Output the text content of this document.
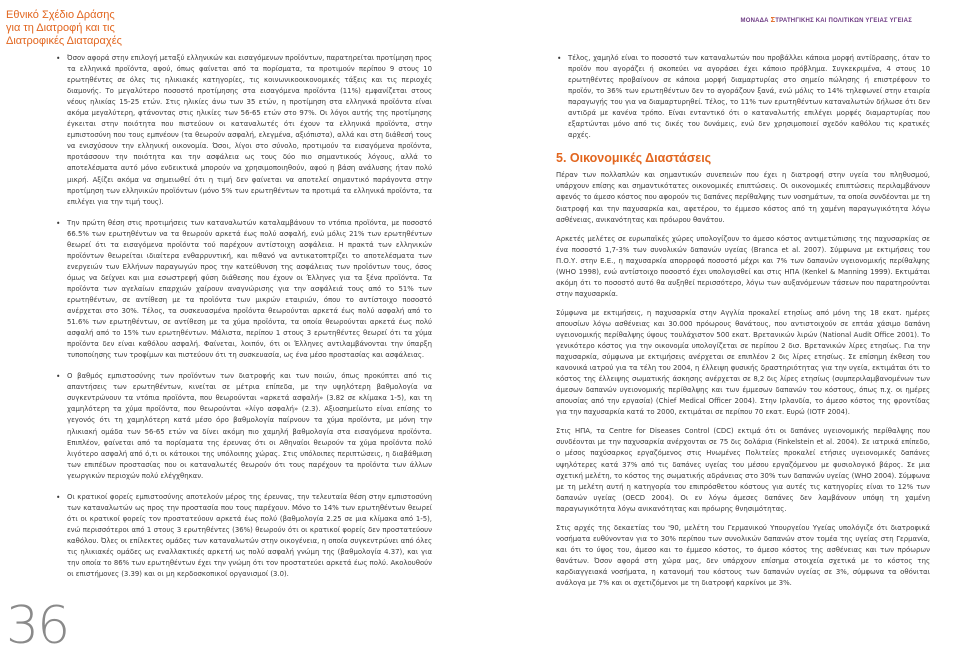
Εθνικό Σχέδιο Δράσης
για τη Διατροφή και τις
Διατροφικές Διαταραχές
ΜΟΝΑΔΑ ΣΤΡΑΤΗΓΙΚΗΣ ΚΑΙ ΠΟΛΙΤΙΚΩΝ ΥΓΕΙΑΣ ΥΓΕΙΑΣ
• Όσον αφορά στην επιλογή μεταξύ ελληνικών και εισαγόμενων προϊόντων, παρατηρείται προτίμηση προς τα ελληνικά προϊόντα, αφού, όπως φαίνεται από τα πορίσματα, τα προτιμούν περίπου 9 στους 10 ερωτηθέντες σε όλες τις ηλικιακές κατηγορίες, τις κοινωνικοοικονομικές τάξεις και τις περιοχές διαμονής. Το μεγαλύτερο ποσοστό προτίμησης στα εισαγόμενα προϊόντα (11%) εμφανίζεται στους νέους ηλικίας 15-25 ετών. Στις ηλικίες άνω των 35 ετών, η προτίμηση στα ελληνικά προϊόντα είναι ακόμα μεγαλύτερη, φτάνοντας στις ηλικίες των 56-65 ετών στο 97%. Οι λόγοι αυτής της προτίμησης έγκειται στην ποιότητα που πιστεύουν οι καταναλωτές ότι έχουν τα ελληνικά προϊόντα, στην εμπιστοσύνη που τους εμπνέουν (τα θεωρούν ασφαλή, ελεγμένα, αξιόπιστα), αλλά και στη διάθεσή τους να ενισχύσουν την ελληνική οικονομία. Όσοι, λίγοι στο σύνολο, προτιμούν τα εισαγόμενα προϊόντα, προτάσσουν την ποιότητα και την ασφάλεια ως τους δύο πιο σημαντικούς λόγους, αλλά το αποτελέσματα αυτό μόνο ενδεικτικά μπορούν να χρησιμοποιηθούν, αφού η βάση ανάλυσης ήταν πολύ μικρή. Αξίζει ακόμα να σημειωθεί ότι η τιμή δεν φαίνεται να αποτελεί σημαντικό παράγοντα στην προτίμηση των ελληνικών προϊόντων (μόνο 5% των ερωτηθέντων τα προτιμά τα ελληνικά προϊόντα, τα επιλέγει για την τιμή τους).
• Την πρώτη θέση στις προτιμήσεις των καταναλωτών καταλαμβάνουν το ντόπια προϊόντα, με ποσοστό 66.5% των ερωτηθέντων να τα θεωρούν αρκετά έως πολύ ασφαλή, ενώ μόλις 21% των ερωτηθέντων θεωρεί ότι τα εισαγόμενα προϊόντα τού παρέχουν αντίστοιχη ασφάλεια. Η πρακτά των ελληνικών προϊόντων θεωρείται ιδιαίτερα ενθαρρυντική, και πιθανό να αντικατοπτρίζει το αποτελέσματα των ενεργειών των Ελλήνων παραγωγών προς την κατεύθυνση της ασφάλειας των προϊόντων τους, όσος όμως να δείχνει και μια εσωστρεφή φύση διάθεσης που έχουν οι Έλληνες για τα ξένα προϊόντα. Τα προϊόντα των αγελαίων επαρχιών χαίρουν αναγνώρισης για την ασφάλειά τους από το 51% των ερωτηθέντων, σε αντίθεση με τα προϊόντα των μικρών εταιριών, όπου το αντίστοιχο ποσοστό ανέρχεται στο 30%. Τέλος, τα συσκευασμένα προϊόντα θεωρούνται αρκετά έως πολύ ασφαλή από το 51.6% των ερωτηθέντων, σε αντίθεση με τα χύμα προϊόντα, τα οποία θεωρούνται αρκετά έως πολύ ασφαλή από το 15% των ερωτηθέντων. Μάλιστα, περίπου 1 στους 3 ερωτηθέντες θεωρεί ότι τα χύμα προϊόντα δεν είναι καθόλου ασφαλή. Φαίνεται, λοιπόν, ότι οι Έλληνες αντιλαμβάνονται την ύπαρξη τυποποίησης των τροφίμων και πιστεύουν ότι τη συσκευασία, ως ένα μέσο προστασίας και ασφάλειας.
• Ο βαθμός εμπιστοσύνης των προϊόντων των διατροφής και των ποιών, όπως προκύπτει από τις απαντήσεις των ερωτηθέντων, κινείται σε μέτρια επίπεδα, με την υψηλότερη βαθμολογία να συγκεντρώνουν τα ντόπια προϊόντα, που θεωρούνται «αρκετά ασφαλή» (3.82 σε κλίμακα 1-5), και τη χαμηλότερη τα χύμα προϊόντα, που θεωρούνται «λίγο ασφαλή» (2.3). Αξιοσημείωτο είναι επίσης το γεγονός ότι τη χαμηλότερη κατά μέσο όρο βαθμολογία παίρνουν τα χύμα προϊόντα, με μόνη την ηλικιακή ομάδα των 56-65 ετών να δίνει ακόμη πιο χαμηλή βαθμολογία στα εισαγόμενα προϊόντα. Επιπλέον, φαίνεται από τα πορίσματα της έρευνας ότι οι Αθηναίοι θεωρούν τα χύμα προϊόντα πολύ λιγότερο ασφαλή από ό,τι οι κάτοικοι της υπόλοιπης χώρας. Στις υπόλοιπες περιπτώσεις, η διαβάθμιση των επιπέδων προστασίας που οι καταναλωτές θεωρούν ότι τους παρέχουν τα προϊόντα των άλλων γεωργικών περιοχών πολύ ελέγχθηκαν.
• Οι κρατικοί φορείς εμπιστοσύνης αποτελούν μέρος της έρευνας, την τελευταία θέση στην εμπιστοσύνη των καταναλωτών ως προς την προστασία που τους παρέχουν. Μόνο το 14% των ερωτηθέντων θεωρεί ότι οι κρατικοί φορείς τον προστατεύουν αρκετά έως πολύ (βαθμολογία 2.25 σε μια κλίμακα από 1-5), ενώ περισσότεροι από 1 στους 3 ερωτηθέντες (36%) θεωρούν ότι οι κρατικοί φορείς δεν προστατεύουν καθόλου. Όλες οι επίλεκτες ομάδες των καταναλωτών στην οικογένεια, η οποία συγκεντρώνει από όλες τις ηλικιακές ομάδες ως εναλλακτικές αρκετή ως πολύ ασφαλή γνώμη της (βαθμολογία 4.37), και για την οποία το 86% των ερωτηθέντων έχει την γνώμη ότι τον προστατεύει αρκετά έως πολύ. Ακολουθούν οι επιστήμονες (3.39) και οι μη κερδοσκοπικοί οργανισμοί (3.0).
• Τέλος, χαμηλό είναι το ποσοστό των καταναλωτών που προβάλλει κάποια μορφή αντίδρασης, όταν το προϊόν που αγοράζει ή σκοπεύει να αγοράσει έχει κάποιο πρόβλημα. Συγκεκριμένα, 4 στους 10 ερωτηθέντες προβαίνουν σε κάποια μορφή διαμαρτυρίας στο σημείο πώλησης ή επιστρέφουν το προϊόν, το 36% των ερωτηθέντων δεν το αγοράζουν ξανά, ενώ μόλις το 14% τηλεφωνεί στην εταιρία παραγωγής του για να διαμαρτυρηθεί. Τέλος, το 11% των ερωτηθέντων καταναλωτών δήλωσε ότι δεν αντιδρά με κανένα τρόπο. Είναι ενταντικό ότι ο καταναλωτής επιλέγει μορφές διαμαρτυρίας που εξαρτώνται μόνο από τις δικές του δυνάμεις, ενώ δεν χρησιμοποιεί σχεδόν καθόλου τις κρατικές αρχές.
5. Οικονομικές Διαστάσεις

Πέραν των πολλαπλών και σημαντικών συνεπειών που έχει η διατροφή στην υγεία του πληθυσμού, υπάρχουν επίσης και σημαντικότατες οικονομικές επιπτώσεις. Οι οικονομικές επιπτώσεις περιλαμβάνουν αφενός το άμεσο κόστος που αφορούν τις δαπάνες περίθαλψης των νοσημάτων, τα οποία συνδέονται με τη διατροφή και την παχυσαρκία και, αφετέρου, το έμμεσο κόστος από τη χαμένη παραγωγικότητα λόγω ασθένειας, ανικανότητας και πρόωρου θανάτου.

Αρκετές μελέτες σε ευρωπαϊκές χώρες υπολογίζουν το άμεσο κόστος αντιμετώπισης της παχυσαρκίας σε ένα ποσοστό 1,7-3% των συνολικών δαπανών υγείας (Branca et al. 2007). Σύμφωνα με εκτιμήσεις του Π.Ο.Υ. στην Ε.Ε., η παχυσαρκία απορροφά ποσοστό μέχρι και 7% των δαπανών υγειονομικής περίθαλψης (WHO 1998), ενώ αντίστοιχο ποσοστό έχει υπολογισθεί και στις ΗΠΑ (Kenkel & Manning 1999). Εκτιμάται ακόμη ότι το ποσοστό αυτό θα αυξηθεί περισσότερο, λόγω των αυξανόμενων τάσεων που παρατηρούνται στην παχυσαρκία.

Σύμφωνα με εκτιμήσεις, η παχυσαρκία στην Αγγλία προκαλεί ετησίως από μόνη της 18 εκατ. ημέρες απουσίων λόγω ασθένειας και 30.000 πρόωρους θανάτους, που αντιστοιχούν σε επτάα χάσιμο δαπάνη υγειονομικής περίθαλψης ύψους τουλάχιστον 500 εκατ. Βρετανικών λιρών (National Audit Office 2001). Το γενικότερο κόστος για την οικονομία υπολογίζεται σε περίπου 2 δισ. Βρετανικών λίρες ετησίως. Για την παχυσαρκία, σύμφωνα με εκτιμήσεις ανέρχεται σε επιπλέον 2 δις λίρες ετησίως. Σε επίσημη έκθεση του κανονικά ιατρού για τα τέλη του 2004, η έλλειψη φυσικής δραστηριότητας για την υγεία, εκτιμάται ότι το κόστος της έλλειψης σωματικής άσκησης ανέρχεται σε 8,2 δις λίρες ετησίως (συμπεριλαμβανομένων των άμεσων δαπανών υγειονομικής περίθαλψης και των έμμεσων δαπανών του κόστους, όπως π.χ. οι ημέρες απουσίας από την εργασία) (Chief Medical Officer 2004). Στην Ιρλανδία, το άμεσο κόστος της φροντίδας για την παχυσαρκία κατά το 2000, εκτιμάται σε περίπου 70 εκατ. Ευρώ (IOTF 2004).

Στις ΗΠΑ, τα Centre for Diseases Control (CDC) εκτιμά ότι οι δαπάνες υγειονομικής περίθαλψης που συνδέονται με την παχυσαρκία ανέρχονται σε 75 δις δολάρια (Finkelstein et al. 2004). Σε ιατρικά επίπεδο, ο μέσος παχύσαρκος εργαζόμενος στις Ηνωμένες Πολιτείες προκαλεί ετήσιες υγειονομικές δαπάνες υψηλότερες κατά 37% από τις δαπάνες υγείας του μέσου εργαζόμενου με φυσιολογικό βάρος. Σε μια σχετική μελέτη, το κόστος της σωματικής αδράνειας στο 30% των δαπανών υγείας (WHO 2004). Σύμφωνα με τη μελέτη αυτή η κατηγορία του επιπρόσθετου κόστους για αυτές τις κατηγορίες είναι το 12% των δαπανών υγείας (OECD 2004). Οι εν λόγω άμεσες δαπάνες δεν λαμβάνουν υπόψη τη χαμένη παραγωγικότητα λόγω ανικανότητας και πρόωρης θνησιμότητας.

Στις αρχές της δεκαετίας του '90, μελέτη του Γερμανικού Υπουργείου Υγείας υπολόγιζε ότι διατροφικά νοσήματα ευθύνονταν για το 30% περίπου των συνολικών δαπανών στον τομέα της υγείας στη Γερμανία, και ότι το ύψος του, άμεσο και το έμμεσο κόστος, το άμεσο κόστος της ασθένειας και των πρόωρων θανάτων. Όσον αφορά στη χώρα μας, δεν υπάρχουν επίσημα στοιχεία σχετικά με το κόστος της καρδιαγγειακά νοσήματα, η κατανομή του κόστους των δαπανών υγείας σε 3%, σύμφωνα τα οθόνιται ανάλογα με 7% και οι σχετιζόμενοι με τη διατροφή καρκίνοι με 3%.

36
